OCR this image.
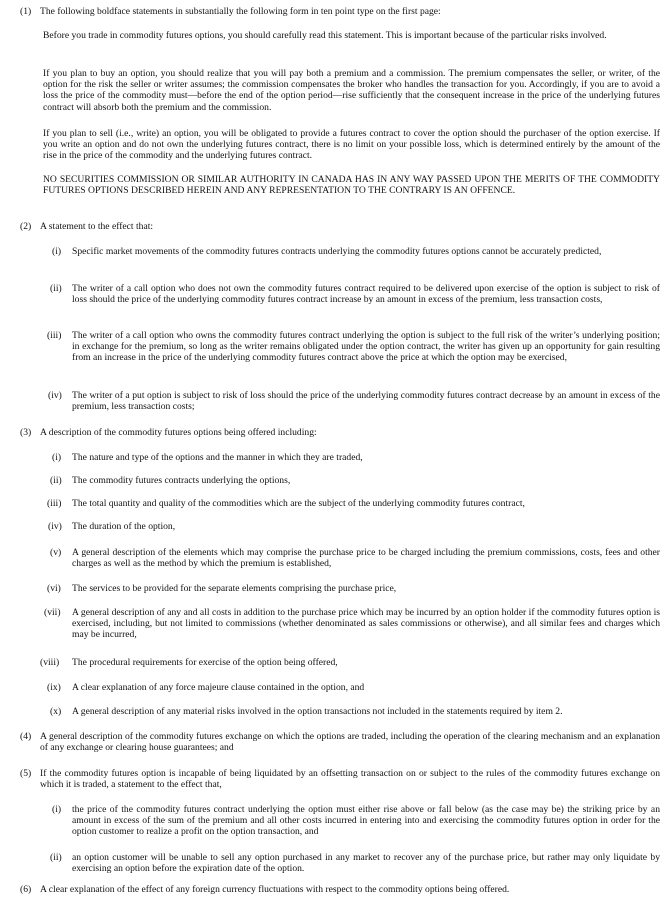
(1) The following boldface statements in substantially the following form in ten point type on the first page:
Before you trade in commodity futures options, you should carefully read this statement. This is important because of the particular risks involved.
If you plan to buy an option, you should realize that you will pay both a premium and a commission. The premium compensates the seller, or writer, of the option for the risk the seller or writer assumes; the commission compensates the broker who handles the transaction for you. Accordingly, if you are to avoid a loss the price of the commodity must—before the end of the option period—rise sufficiently that the consequent increase in the price of the underlying futures contract will absorb both the premium and the commission.
If you plan to sell (i.e., write) an option, you will be obligated to provide a futures contract to cover the option should the purchaser of the option exercise. If you write an option and do not own the underlying futures contract, there is no limit on your possible loss, which is determined entirely by the amount of the rise in the price of the commodity and the underlying futures contract.
NO SECURITIES COMMISSION OR SIMILAR AUTHORITY IN CANADA HAS IN ANY WAY PASSED UPON THE MERITS OF THE COMMODITY FUTURES OPTIONS DESCRIBED HEREIN AND ANY REPRESENTATION TO THE CONTRARY IS AN OFFENCE.
(2) A statement to the effect that:
(i) Specific market movements of the commodity futures contracts underlying the commodity futures options cannot be accurately predicted,
(ii) The writer of a call option who does not own the commodity futures contract required to be delivered upon exercise of the option is subject to risk of loss should the price of the underlying commodity futures contract increase by an amount in excess of the premium, less transaction costs,
(iii) The writer of a call option who owns the commodity futures contract underlying the option is subject to the full risk of the writer’s underlying position; in exchange for the premium, so long as the writer remains obligated under the option contract, the writer has given up an opportunity for gain resulting from an increase in the price of the underlying commodity futures contract above the price at which the option may be exercised,
(iv) The writer of a put option is subject to risk of loss should the price of the underlying commodity futures contract decrease by an amount in excess of the premium, less transaction costs;
(3) A description of the commodity futures options being offered including:
(i) The nature and type of the options and the manner in which they are traded,
(ii) The commodity futures contracts underlying the options,
(iii) The total quantity and quality of the commodities which are the subject of the underlying commodity futures contract,
(iv) The duration of the option,
(v) A general description of the elements which may comprise the purchase price to be charged including the premium commissions, costs, fees and other charges as well as the method by which the premium is established,
(vi) The services to be provided for the separate elements comprising the purchase price,
(vii) A general description of any and all costs in addition to the purchase price which may be incurred by an option holder if the commodity futures option is exercised, including, but not limited to commissions (whether denominated as sales commissions or otherwise), and all similar fees and charges which may be incurred,
(viii) The procedural requirements for exercise of the option being offered,
(ix) A clear explanation of any force majeure clause contained in the option, and
(x) A general description of any material risks involved in the option transactions not included in the statements required by item 2.
(4) A general description of the commodity futures exchange on which the options are traded, including the operation of the clearing mechanism and an explanation of any exchange or clearing house guarantees; and
(5) If the commodity futures option is incapable of being liquidated by an offsetting transaction on or subject to the rules of the commodity futures exchange on which it is traded, a statement to the effect that,
(i) the price of the commodity futures contract underlying the option must either rise above or fall below (as the case may be) the striking price by an amount in excess of the sum of the premium and all other costs incurred in entering into and exercising the commodity futures option in order for the option customer to realize a profit on the option transaction, and
(ii) an option customer will be unable to sell any option purchased in any market to recover any of the purchase price, but rather may only liquidate by exercising an option before the expiration date of the option.
(6) A clear explanation of the effect of any foreign currency fluctuations with respect to the commodity options being offered.
